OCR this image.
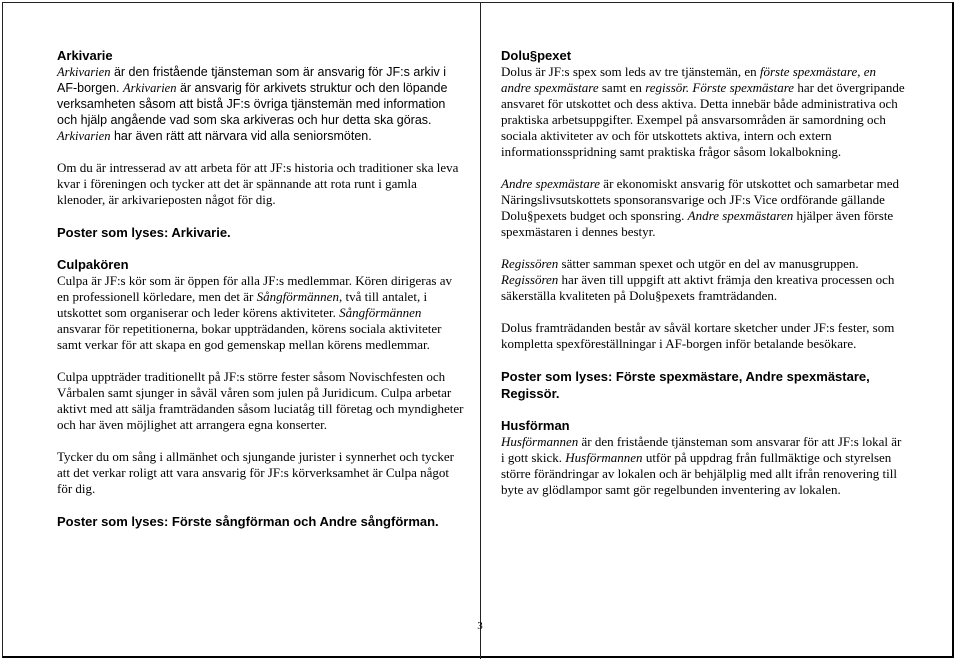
Arkivarie

Arkivarien är den fristående tjänsteman som är ansvarig för JF:s arkiv i AF-borgen. Arkivarien är ansvarig för arkivets struktur och den löpande verksamheten såsom att bistå JF:s övriga tjänstemän med information och hjälp angående vad som ska arkiveras och hur detta ska göras. Arkivarien har även rätt att närvara vid alla seniorsmöten.

Om du är intresserad av att arbeta för att JF:s historia och traditioner ska leva kvar i föreningen och tycker att det är spännande att rota runt i gamla klenoder, är arkivarieposten något för dig.

Poster som lyses: Arkivarie.

Culpakören

Culpa är JF:s kör som är öppen för alla JF:s medlemmar. Kören dirigeras av en professionell körledare, men det är Sångförmännen, två till antalet, i utskottet som organiserar och leder körens aktiviteter. Sångförmännen ansvarar för repetitionerna, bokar uppträdanden, körens sociala aktiviteter samt verkar för att skapa en god gemenskap mellan körens medlemmar.

Culpa uppträder traditionellt på JF:s större fester såsom Novischfesten och Vårbalen samt sjunger in såväl våren som julen på Juridicum. Culpa arbetar aktivt med att sälja framträdanden såsom luciatåg till företag och myndigheter och har även möjlighet att arrangera egna konserter.

Tycker du om sång i allmänhet och sjungande jurister i synnerhet och tycker att det verkar roligt att vara ansvarig för JF:s körverksamhet är Culpa något för dig.

Poster som lyses: Förste sångförman och Andre sångförman.

Dolu§pexet

Dolus är JF:s spex som leds av tre tjänstemän, en förste spexmästare, en andre spexmästare samt en regissör. Förste spexmästare har det övergripande ansvaret för utskottet och dess aktiva. Detta innebär både administrativa och praktiska arbetsuppgifter. Exempel på ansvarsområden är samordning och sociala aktiviteter av och för utskottets aktiva, intern och extern informationsspridning samt praktiska frågor såsom lokalbokning.

Andre spexmästare är ekonomiskt ansvarig för utskottet och samarbetar med Näringslivsutskottets sponsoransvarige och JF:s Vice ordförande gällande Dolu§pexets budget och sponsring. Andre spexmästaren hjälper även förste spexmästaren i dennes bestyr.

Regissören sätter samman spexet och utgör en del av manusgruppen. Regissören har även till uppgift att aktivt främja den kreativa processen och säkerställa kvaliteten på Dolu§pexets framträdanden.

Dolus framträdanden består av såväl kortare sketcher under JF:s fester, som kompletta spexföreställningar i AF-borgen inför betalande besökare.

Poster som lyses: Förste spexmästare, Andre spexmästare, Regissör.

Husförman

Husförmannen är den fristående tjänsteman som ansvarar för att JF:s lokal är i gott skick. Husförmannen utför på uppdrag från fullmäktige och styrelsen större förändringar av lokalen och är behjälplig med allt ifrån renovering till byte av glödlampor samt gör regelbunden inventering av lokalen.

3
